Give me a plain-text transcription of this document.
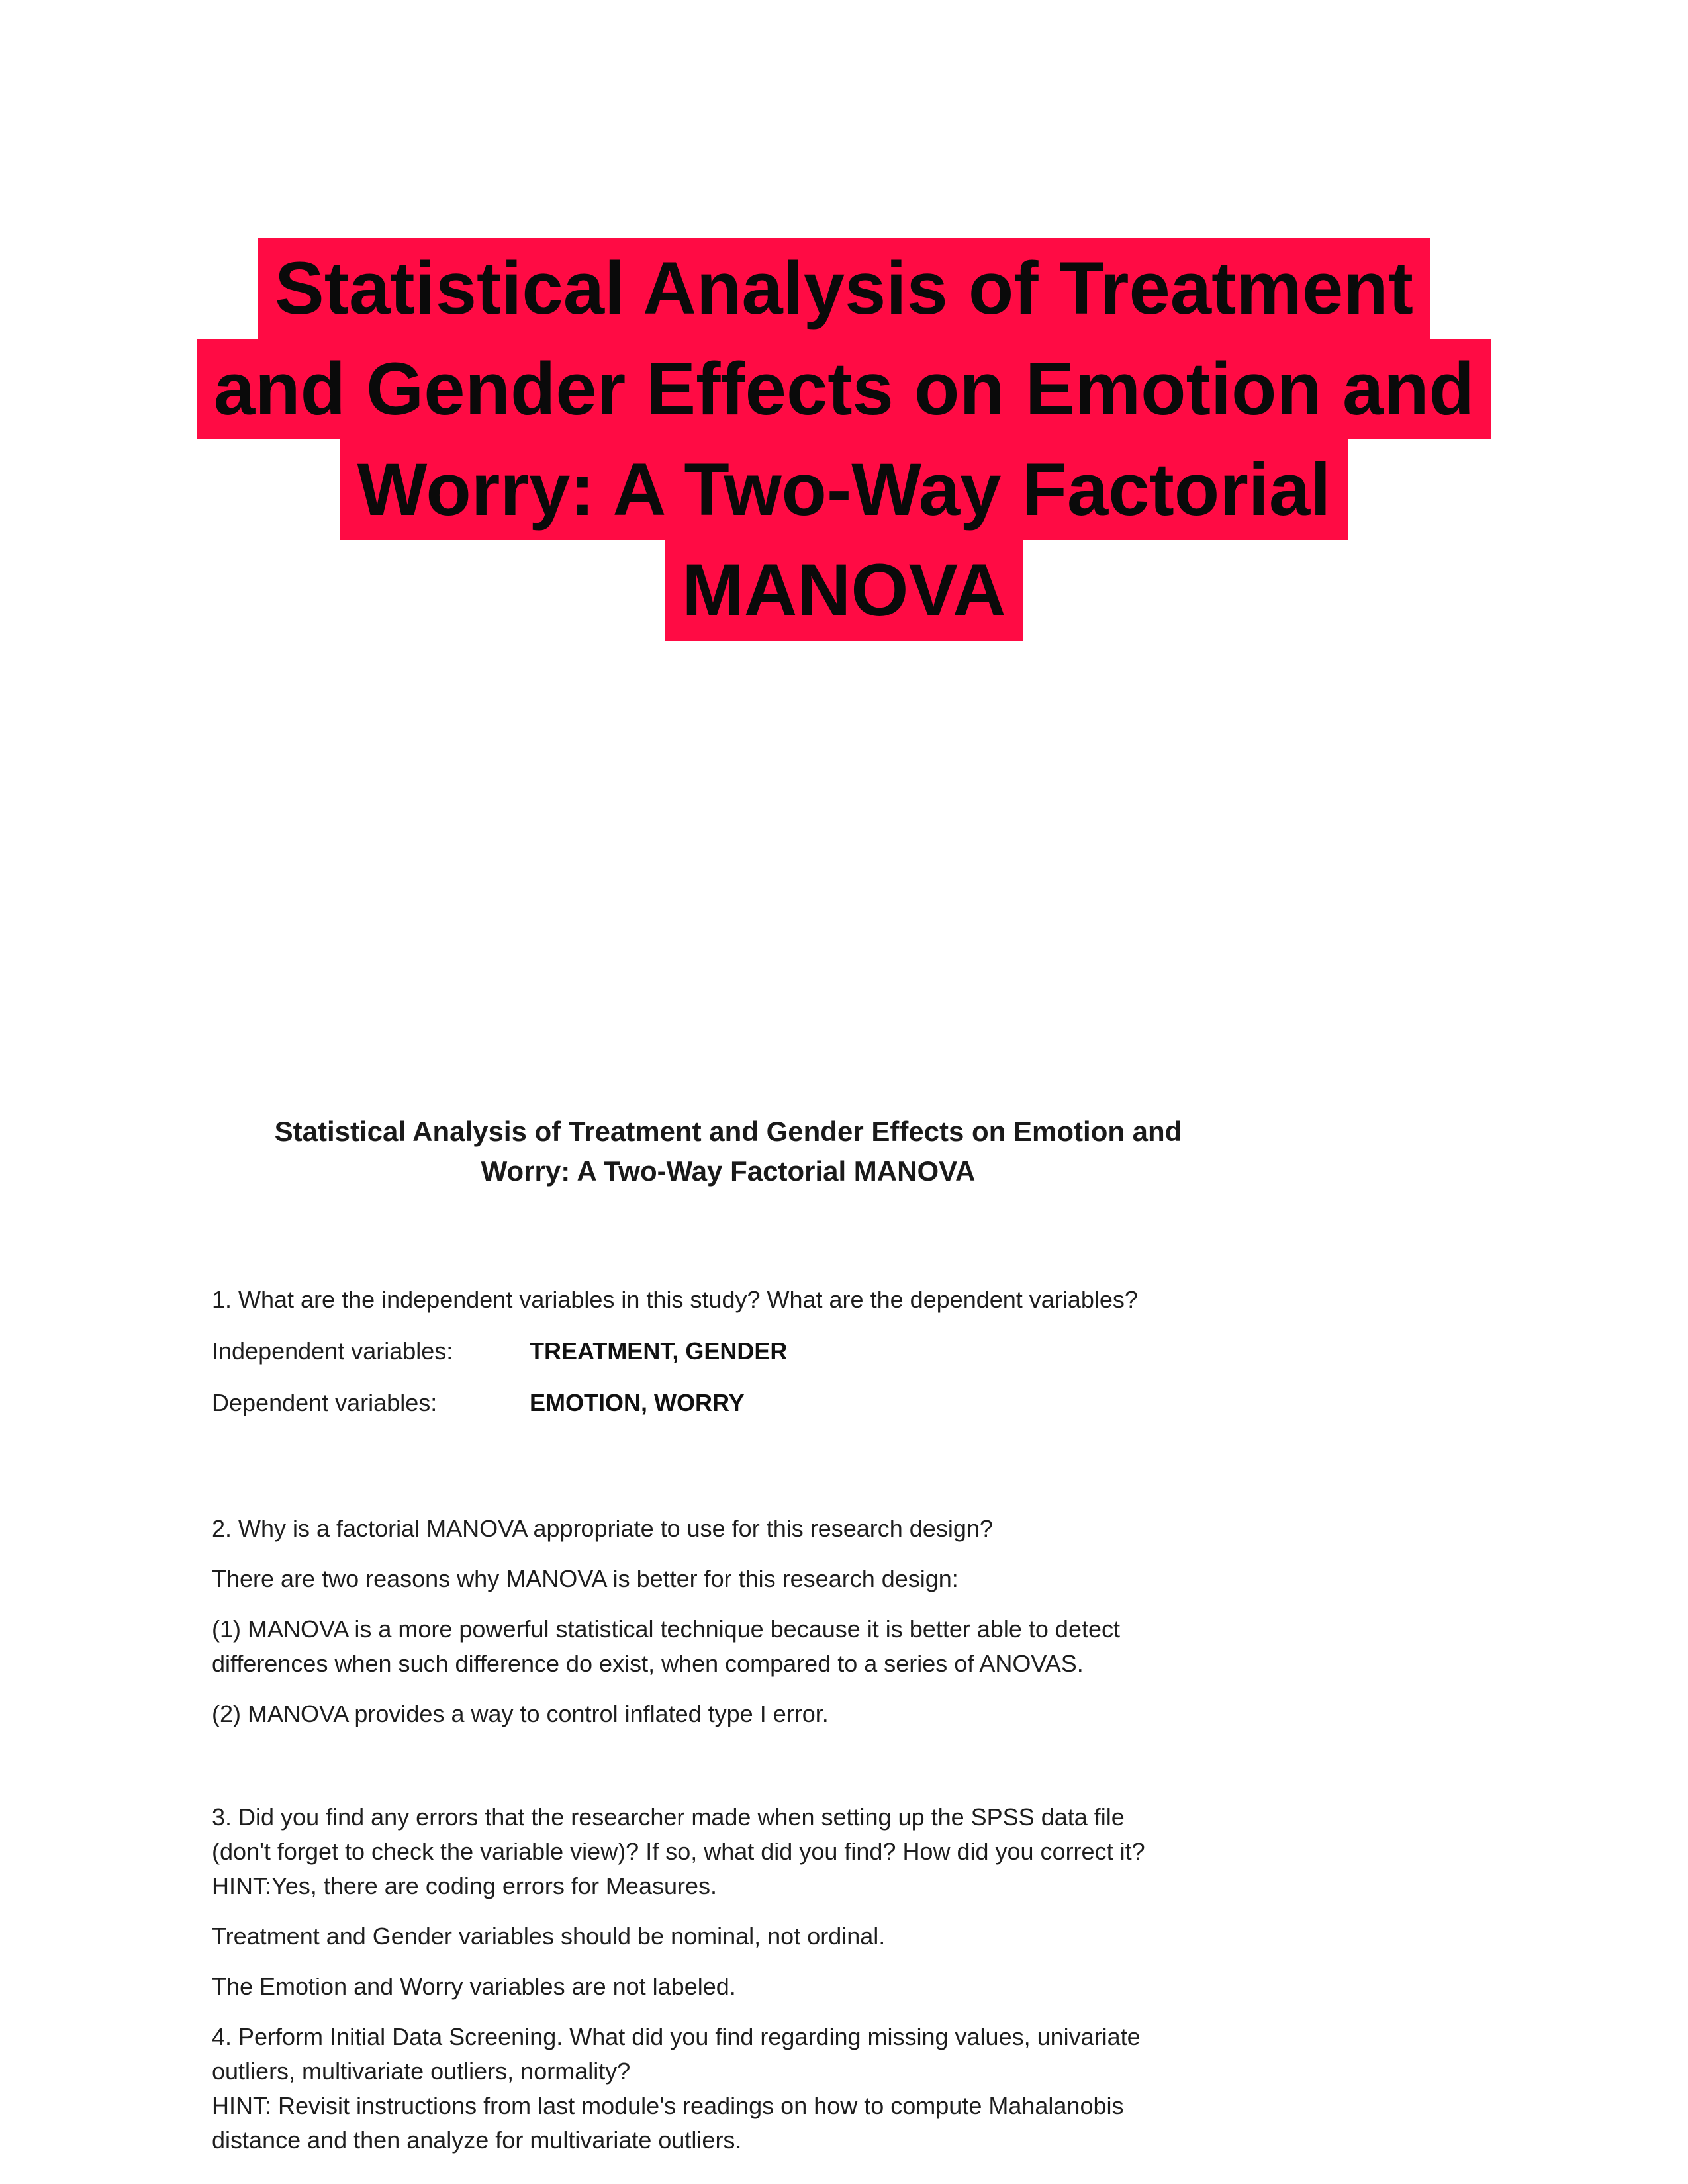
Statistical Analysis of Treatment
and Gender Effects on Emotion and
Worry: A Two-Way Factorial
MANOVA

Statistical Analysis of Treatment and Gender Effects on Emotion and

Worry: A Two-Way Factorial MANOVA

1. What are the independent variables in this study? What are the dependent variables?

Independent variables:	TREATMENT, GENDER
Dependent variables:	EMOTION, WORRY

2. Why is a factorial MANOVA appropriate to use for this research design?

There are two reasons why MANOVA is better for this research design:

(1) MANOVA is a more powerful statistical technique because it is better able to detect

differences when such difference do exist, when compared to a series of ANOVAS.

(2) MANOVA provides a way to control inflated type I error.

3. Did you find any errors that the researcher made when setting up the SPSS data file

(don't forget to check the variable view)? If so, what did you find? How did you correct it?

HINT:Yes, there are coding errors for Measures.

Treatment and Gender variables should be nominal, not ordinal.

The Emotion and Worry variables are not labeled.

4. Perform Initial Data Screening. What did you find regarding missing values, univariate

outliers, multivariate outliers, normality?

HINT: Revisit instructions from last module's readings on how to compute Mahalanobis

distance and then analyze for multivariate outliers.
